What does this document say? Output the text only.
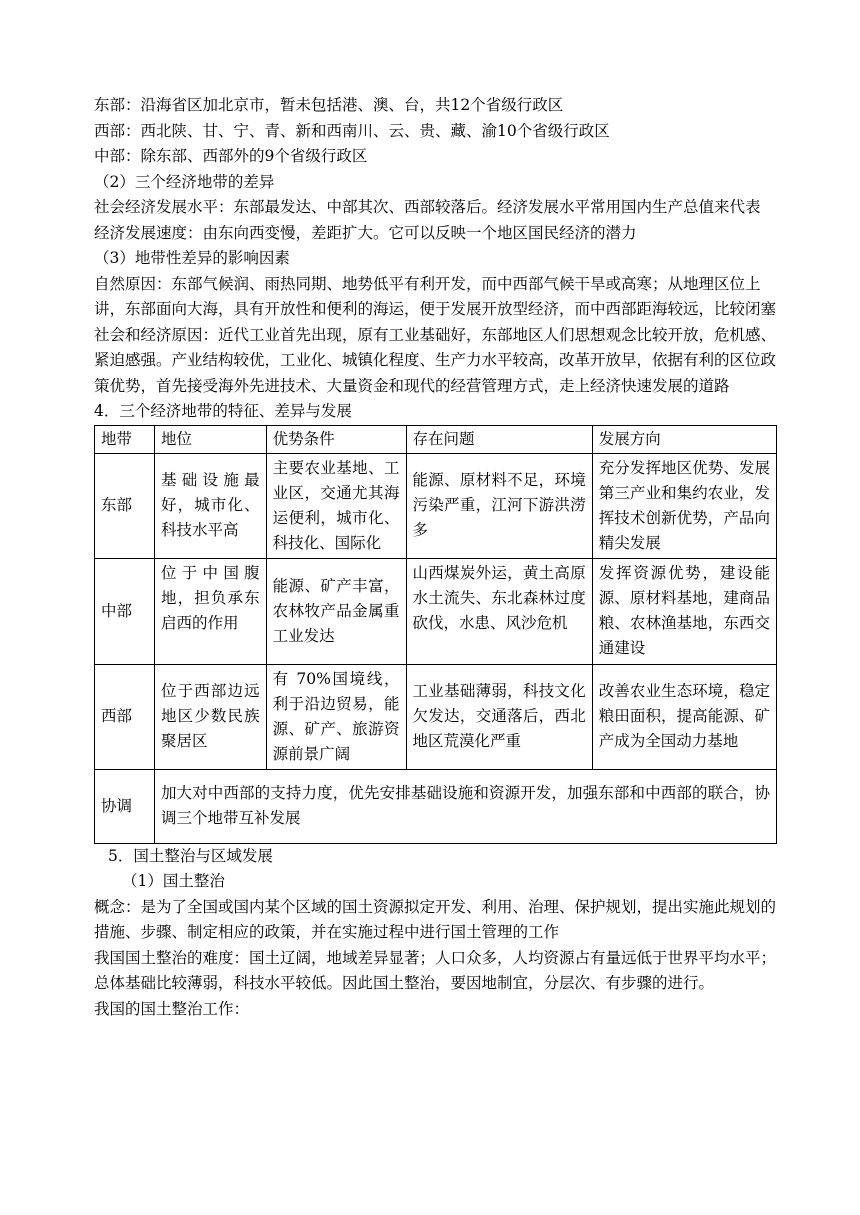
东部：沿海省区加北京市，暂未包括港、澳、台，共12个省级行政区

西部：西北陕、甘、宁、青、新和西南川、云、贵、藏、渝10个省级行政区

中部：除东部、西部外的9个省级行政区

（2）三个经济地带的差异

社会经济发展水平：东部最发达、中部其次、西部较落后。经济发展水平常用国内生产总值来代表

经济发展速度：由东向西变慢，差距扩大。它可以反映一个地区国民经济的潜力

（3）地带性差异的影响因素

自然原因：东部气候润、雨热同期、地势低平有利开发，而中西部气候干旱或高寒；从地理区位上讲，东部面向大海，具有开放性和便利的海运，便于发展开放型经济，而中西部距海较远，比较闭塞

社会和经济原因：近代工业首先出现，原有工业基础好，东部地区人们思想观念比较开放，危机感、紧迫感强。产业结构较优，工业化、城镇化程度、生产力水平较高，改革开放早，依据有利的区位政策优势，首先接受海外先进技术、大量资金和现代的经营管理方式，走上经济快速发展的道路

4．三个经济地带的特征、差异与发展

地带	地位	优势条件	存在问题	发展方向
东部	基础设施最好，城市化、科技水平高	主要农业基地、工业区，交通尤其海运便利，城市化、科技化、国际化	能源、原材料不足，环境污染严重，江河下游洪涝多	充分发挥地区优势、发展第三产业和集约农业，发挥技术创新优势，产品向精尖发展
中部	位于中国腹地，担负承东启西的作用	能源、矿产丰富，农林牧产品金属重工业发达	山西煤炭外运，黄土高原水土流失、东北森林过度砍伐，水患、风沙危机	发挥资源优势，建设能源、原材料基地，建商品粮、农林渔基地，东西交通建设
西部	位于西部边远地区少数民族聚居区	有 70%国境线，利于沿边贸易，能源、矿产、旅游资源前景广阔	工业基础薄弱，科技文化欠发达，交通落后，西北地区荒漠化严重	改善农业生态环境，稳定粮田面积，提高能源、矿产成为全国动力基地
协调	加大对中西部的支持力度，优先安排基础设施和资源开发，加强东部和中西部的联合，协调三个地带互补发展			

5．国土整治与区域发展

（1）国土整治

概念：是为了全国或国内某个区域的国土资源拟定开发、利用、治理、保护规划，提出实施此规划的措施、步骤、制定相应的政策，并在实施过程中进行国土管理的工作

我国国土整治的难度：国土辽阔，地域差异显著；人口众多，人均资源占有量远低于世界平均水平；总体基础比较薄弱，科技水平较低。因此国土整治，要因地制宜，分层次、有步骤的进行。

我国的国土整治工作：
